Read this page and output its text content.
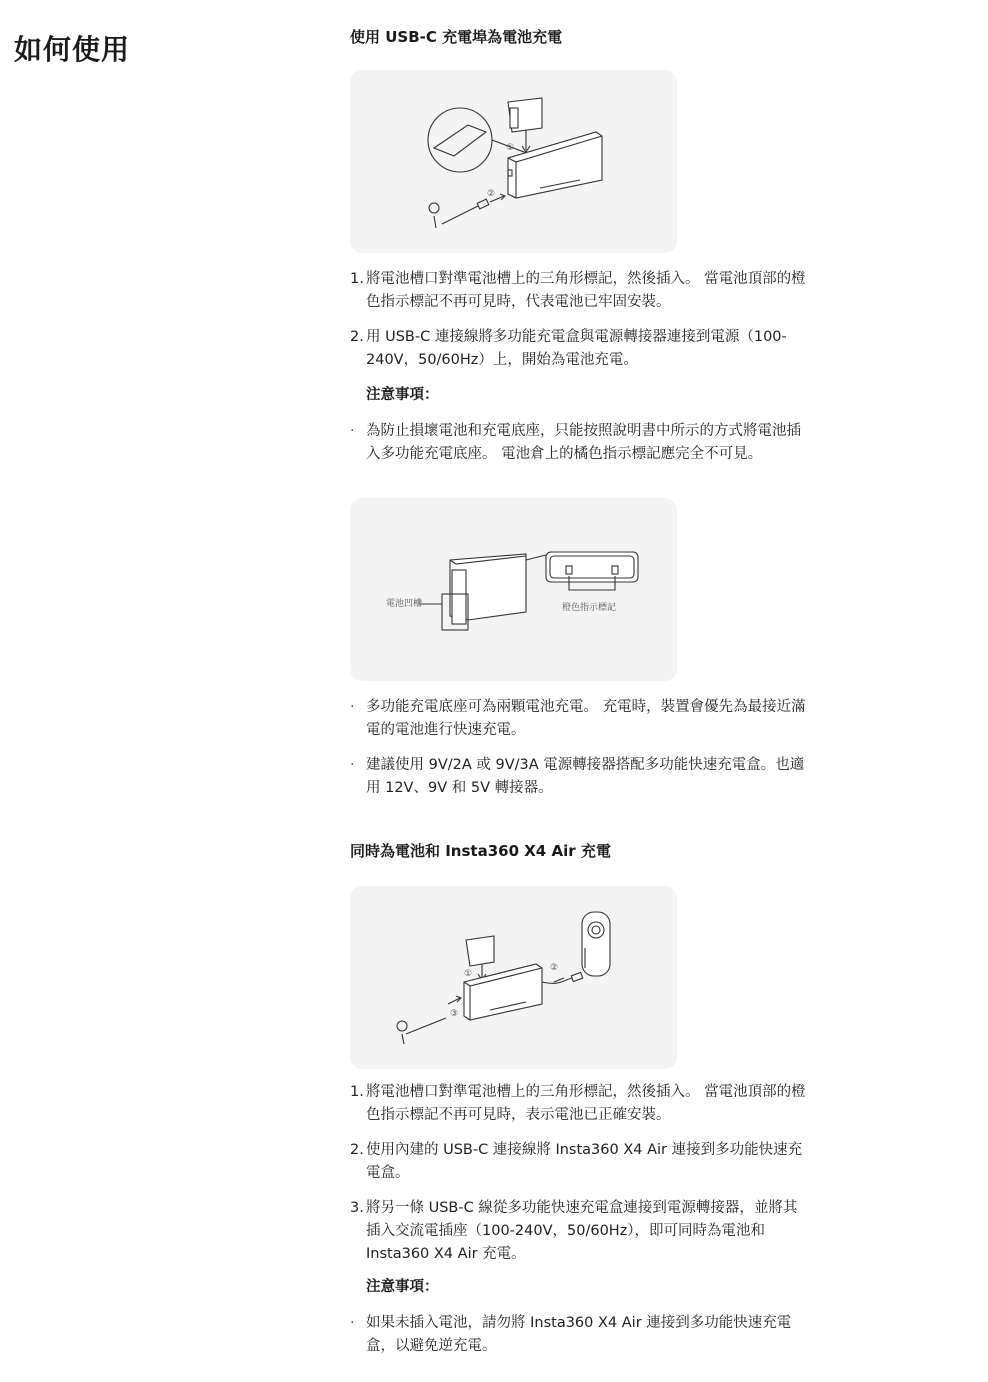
如何使用	使用 USB-C 充電埠為電池充電
①
②
1. 將電池槽口對準電池槽上的三角形標記，然後插入。 當電池頂部的橙色指示標記不再可見時，代表電池已牢固安裝。
2. 用 USB-C 連接線將多功能充電盒與電源轉接器連接到電源（100-240V，50/60Hz）上，開始為電池充電。

注意事項：

· 為防止損壞電池和充電底座，只能按照說明書中所示的方式將電池插入多功能充電底座。 電池倉上的橘色指示標記應完全不可見。
電池凹槽	橙色指示標記
· 多功能充電底座可為兩顆電池充電。 充電時，裝置會優先為最接近滿電的電池進行快速充電。
· 建議使用 9V/2A 或 9V/3A 電源轉接器搭配多功能快速充電盒。也適用 12V、9V 和 5V 轉接器。
同時為電池和 Insta360 X4 Air 充電
①
②
③
1. 將電池槽口對準電池槽上的三角形標記，然後插入。 當電池頂部的橙色指示標記不再可見時，表示電池已正確安裝。
2. 使用內建的 USB-C 連接線將 Insta360 X4 Air 連接到多功能快速充電盒。
3. 將另一條 USB-C 線從多功能快速充電盒連接到電源轉接器，並將其插入交流電插座（100-240V，50/60Hz），即可同時為電池和 Insta360 X4 Air 充電。

注意事項：

· 如果未插入電池，請勿將 Insta360 X4 Air 連接到多功能快速充電盒，以避免逆充電。
